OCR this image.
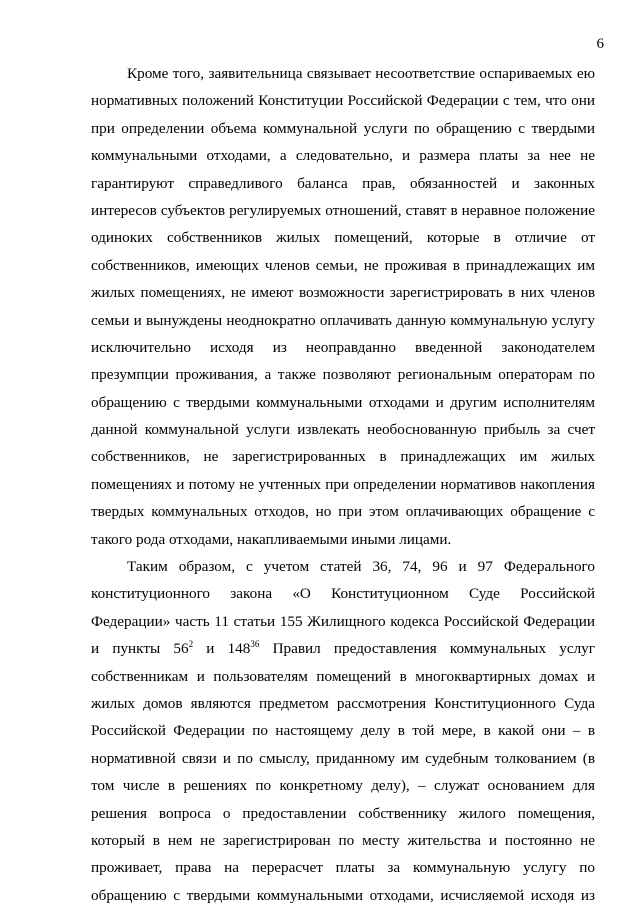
6
Кроме того, заявительница связывает несоответствие оспариваемых ею
нормативных положений Конституции Российской Федерации с тем, что они
при определении объема коммунальной услуги по обращению с твердыми
коммунальными отходами, а следовательно, и размера платы за нее не
гарантируют справедливого баланса прав, обязанностей и законных
интересов субъектов регулируемых отношений, ставят в неравное положение
одиноких собственников жилых помещений, которые в отличие от
собственников, имеющих членов семьи, не проживая в принадлежащих им
жилых помещениях, не имеют возможности зарегистрировать в них членов
семьи и вынуждены неоднократно оплачивать данную коммунальную услугу
исключительно исходя из неоправданно введенной законодателем
презумпции проживания, а также позволяют региональным операторам по
обращению с твердыми коммунальными отходами и другим исполнителям
данной коммунальной услуги извлекать необоснованную прибыль за счет
собственников, не зарегистрированных в принадлежащих им жилых
помещениях и потому не учтенных при определении нормативов накопления
твердых коммунальных отходов, но при этом оплачивающих обращение с
такого рода отходами, накапливаемыми иными лицами.
Таким образом, с учетом статей 36, 74, 96 и 97 Федерального
конституционного закона «О Конституционном Суде Российской
Федерации» часть 11 статьи 155 Жилищного кодекса Российской Федерации
и пункты $56^2$ и $148^{36}$ Правил предоставления коммунальных услуг
собственникам и пользователям помещений в многоквартирных домах и
жилых домов являются предметом рассмотрения Конституционного Суда
Российской Федерации по настоящему делу в той мере, в какой они – в
нормативной связи и по смыслу, приданному им судебным толкованием (в
том числе в решениях по конкретному делу), – служат основанием для
решения вопроса о предоставлении собственнику жилого помещения,
который в нем не зарегистрирован по месту жительства и постоянно не
проживает, права на перерасчет платы за коммунальную услугу по
обращению с твердыми коммунальными отходами, исчисляемой исходя из
